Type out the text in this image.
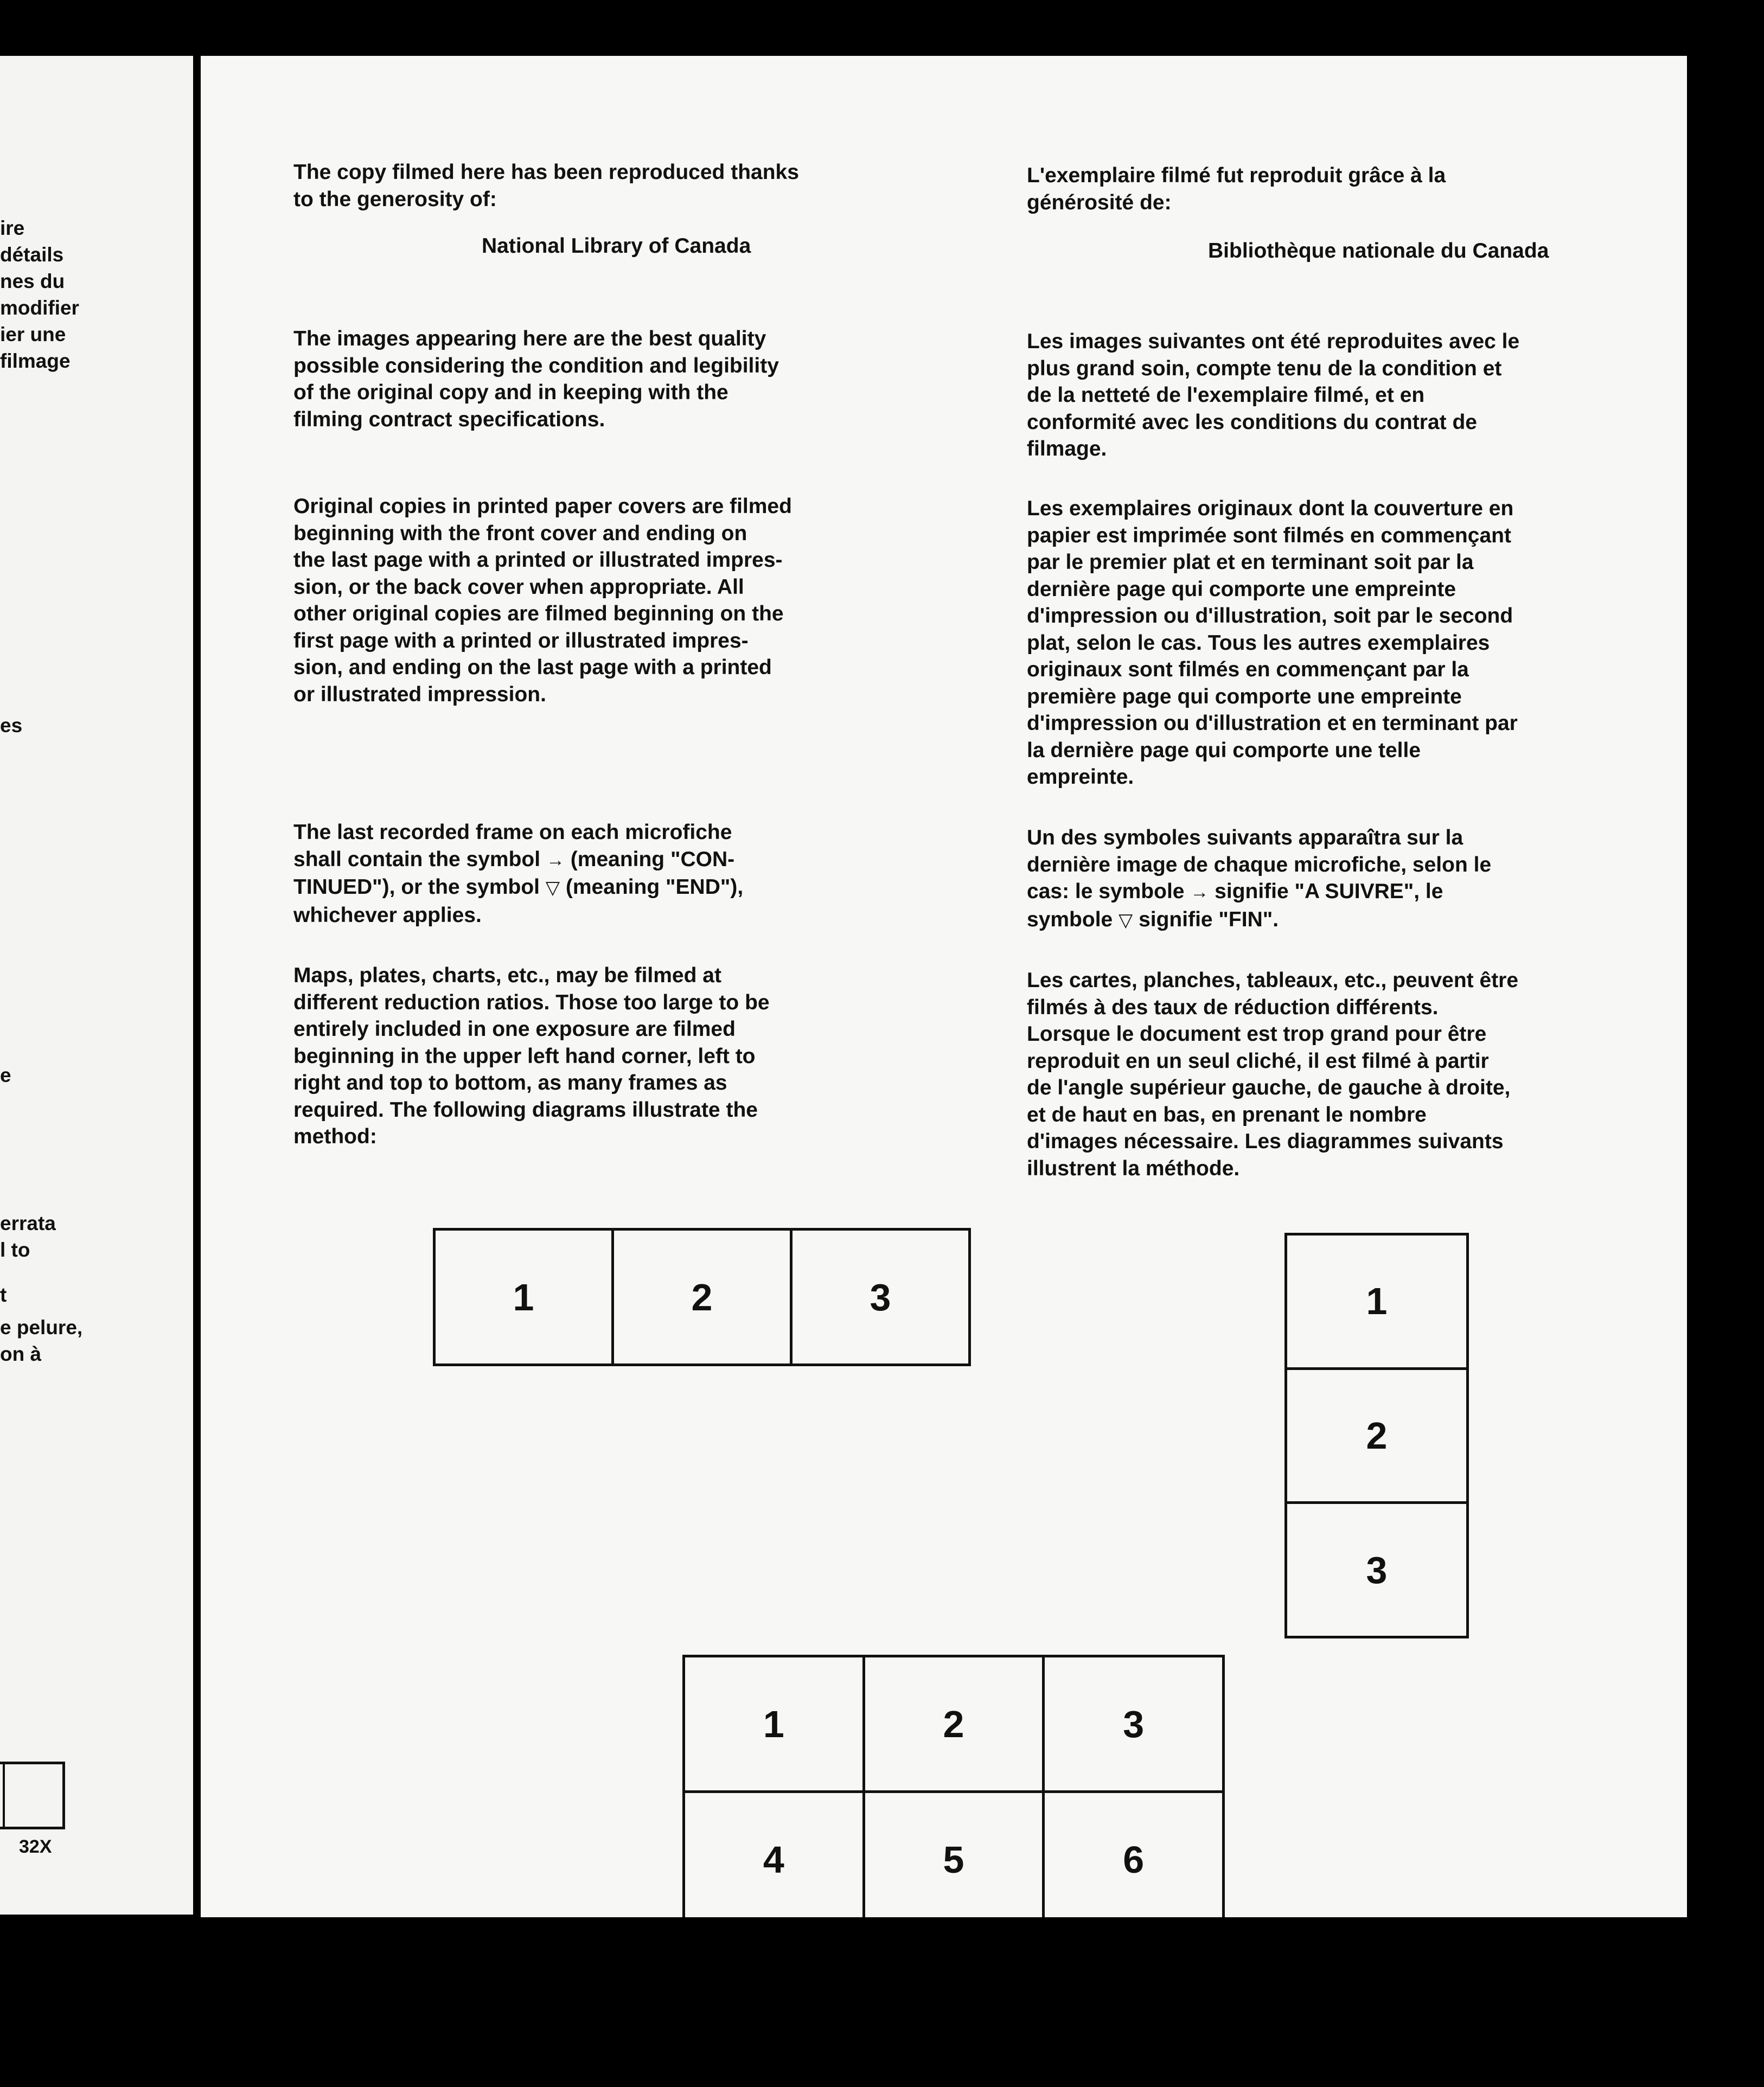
ire
détails
nes du
modifier
ier une
filmage
es
e
errata
l to
t
e pelure,
on à
32X
The copy filmed here has been reproduced thanks
to the generosity of:
National Library of Canada
The images appearing here are the best quality
possible considering the condition and legibility
of the original copy and in keeping with the
filming contract specifications.
Original copies in printed paper covers are filmed
beginning with the front cover and ending on
the last page with a printed or illustrated impres-
sion, or the back cover when appropriate. All
other original copies are filmed beginning on the
first page with a printed or illustrated impres-
sion, and ending on the last page with a printed
or illustrated impression.
The last recorded frame on each microfiche
shall contain the symbol → (meaning "CON-
TINUED"), or the symbol ▽ (meaning "END"),
whichever applies.
Maps, plates, charts, etc., may be filmed at
different reduction ratios. Those too large to be
entirely included in one exposure are filmed
beginning in the upper left hand corner, left to
right and top to bottom, as many frames as
required. The following diagrams illustrate the
method:
L'exemplaire filmé fut reproduit grâce à la
générosité de:
Bibliothèque nationale du Canada
Les images suivantes ont été reproduites avec le
plus grand soin, compte tenu de la condition et
de la netteté de l'exemplaire filmé, et en
conformité avec les conditions du contrat de
filmage.
Les exemplaires originaux dont la couverture en
papier est imprimée sont filmés en commençant
par le premier plat et en terminant soit par la
dernière page qui comporte une empreinte
d'impression ou d'illustration, soit par le second
plat, selon le cas. Tous les autres exemplaires
originaux sont filmés en commençant par la
première page qui comporte une empreinte
d'impression ou d'illustration et en terminant par
la dernière page qui comporte une telle
empreinte.
Un des symboles suivants apparaîtra sur la
dernière image de chaque microfiche, selon le
cas: le symbole → signifie "A SUIVRE", le
symbole ▽ signifie "FIN".
Les cartes, planches, tableaux, etc., peuvent être
filmés à des taux de réduction différents.
Lorsque le document est trop grand pour être
reproduit en un seul cliché, il est filmé à partir
de l'angle supérieur gauche, de gauche à droite,
et de haut en bas, en prenant le nombre
d'images nécessaire. Les diagrammes suivants
illustrent la méthode.
1	2	3	1
2
3
1	2	3
4	5	6
